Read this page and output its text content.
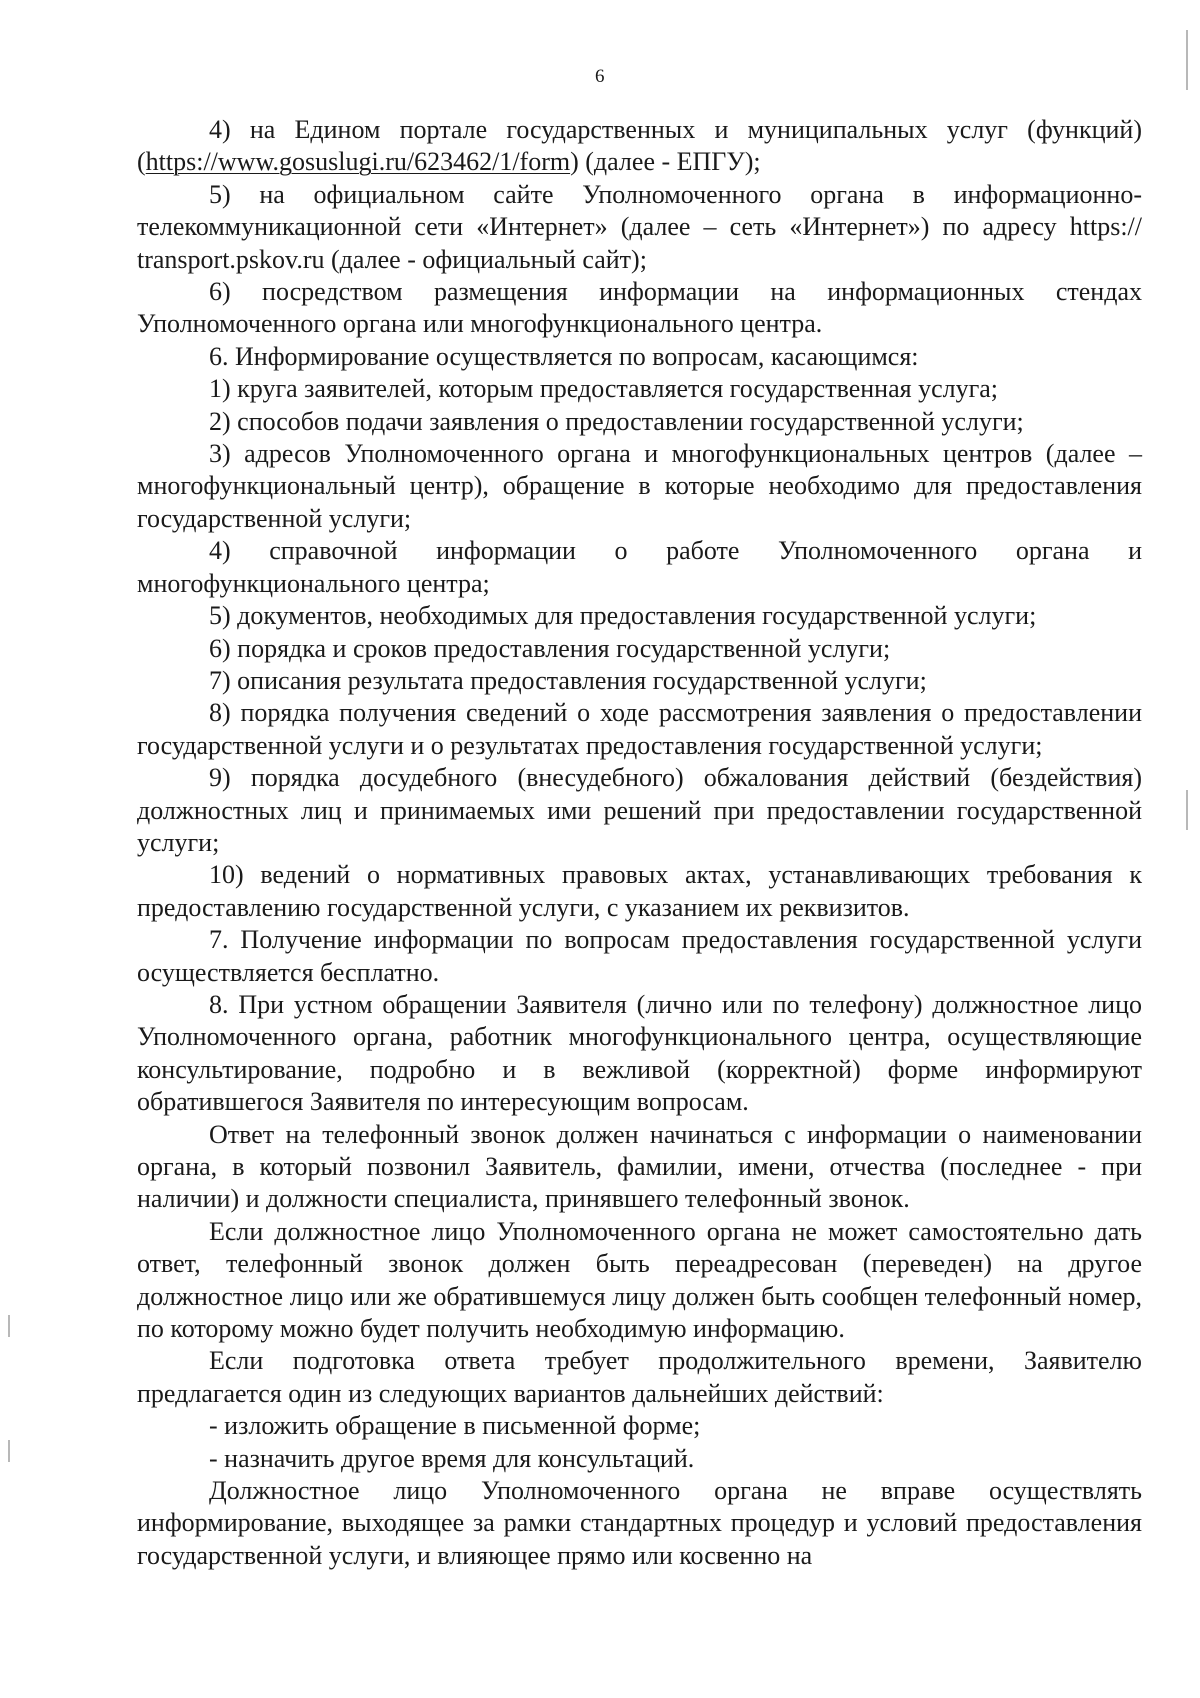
6

4) на Едином портале государственных и муниципальных услуг (функций) (https://www.gosuslugi.ru/623462/1/form) (далее - ЕПГУ);

5) на официальном сайте Уполномоченного органа в информационно-телекоммуникационной сети «Интернет» (далее – сеть «Интернет») по адресу https:// transport.pskov.ru (далее - официальный сайт);

6) посредством размещения информации на информационных стендах Уполномоченного органа или многофункционального центра.

6. Информирование осуществляется по вопросам, касающимся:

1) круга заявителей, которым предоставляется государственная услуга;

2) способов подачи заявления о предоставлении государственной услуги;

3) адресов Уполномоченного органа и многофункциональных центров (далее – многофункциональный центр), обращение в которые необходимо для предоставления государственной услуги;

4) справочной информации о работе Уполномоченного органа и многофункционального центра;

5) документов, необходимых для предоставления государственной услуги;

6) порядка и сроков предоставления государственной услуги;

7) описания результата предоставления государственной услуги;

8) порядка получения сведений о ходе рассмотрения заявления о предоставлении государственной услуги и о результатах предоставления государственной услуги;

9) порядка досудебного (внесудебного) обжалования действий (бездействия) должностных лиц и принимаемых ими решений при предоставлении государственной услуги;

10) ведений о нормативных правовых актах, устанавливающих требования к предоставлению государственной услуги, с указанием их реквизитов.

7. Получение информации по вопросам предоставления государственной услуги осуществляется бесплатно.

8. При устном обращении Заявителя (лично или по телефону) должностное лицо Уполномоченного органа, работник многофункционального центра, осуществляющие консультирование, подробно и в вежливой (корректной) форме информируют обратившегося Заявителя по интересующим вопросам.

Ответ на телефонный звонок должен начинаться с информации о наименовании органа, в который позвонил Заявитель, фамилии, имени, отчества (последнее - при наличии) и должности специалиста, принявшего телефонный звонок.

Если должностное лицо Уполномоченного органа не может самостоятельно дать ответ, телефонный звонок должен быть переадресован (переведен) на другое должностное лицо или же обратившемуся лицу должен быть сообщен телефонный номер, по которому можно будет получить необходимую информацию.

Если подготовка ответа требует продолжительного времени, Заявителю предлагается один из следующих вариантов дальнейших действий:

- изложить обращение в письменной форме;

- назначить другое время для консультаций.

Должностное лицо Уполномоченного органа не вправе осуществлять информирование, выходящее за рамки стандартных процедур и условий предоставления государственной услуги, и влияющее прямо или косвенно на
